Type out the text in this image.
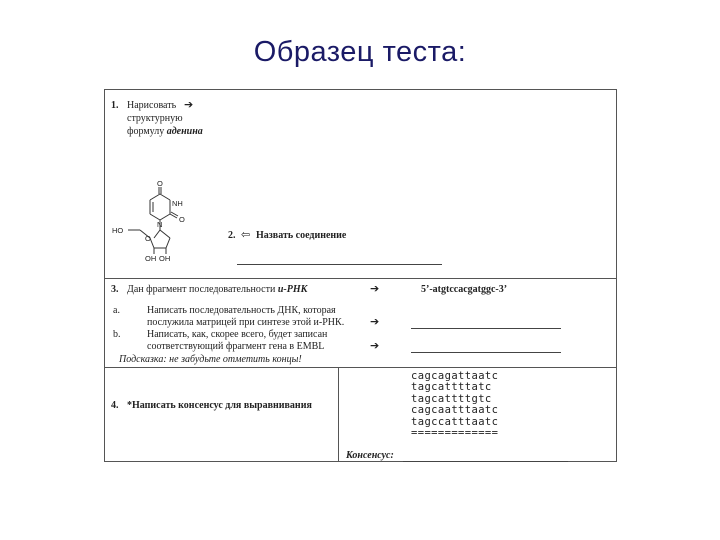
Образец теста:
1. Нарисовать ➔
структурную
формулу аденина
O
NH
N
O
HO
O
OH OH
2. ⇦ Назвать соединение
3. Дан фрагмент последовательности и-РНК	➔	5’-atgtccacgatggc-3’
a.	Написать последовательность ДНК, которая
послужила матрицей при синтезе этой и-РНК. ➔
b.	Написать, как, скорее всего, будет записан
соответствующий фрагмент гена в EMBL	➔
Подсказка: не забудьте отметить концы!
4. *Написать консенсус для выравнивания
cagcagattaatc
tagcattttatc
tagcattttgtc
cagcaatttaatc
tagccatttaatc
=============
Консенсус:
